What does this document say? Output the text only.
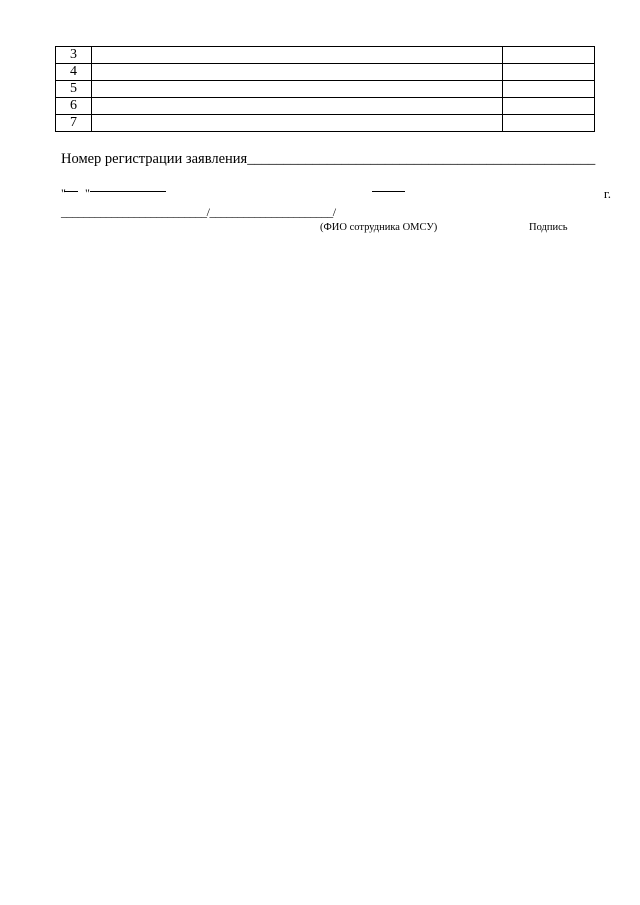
3		
4		
5		
6		
7		
Номер регистрации заявления________________________________________________
" "	г.
__________________________/______________________/
(ФИО сотрудника ОМСУ)	Подпись
